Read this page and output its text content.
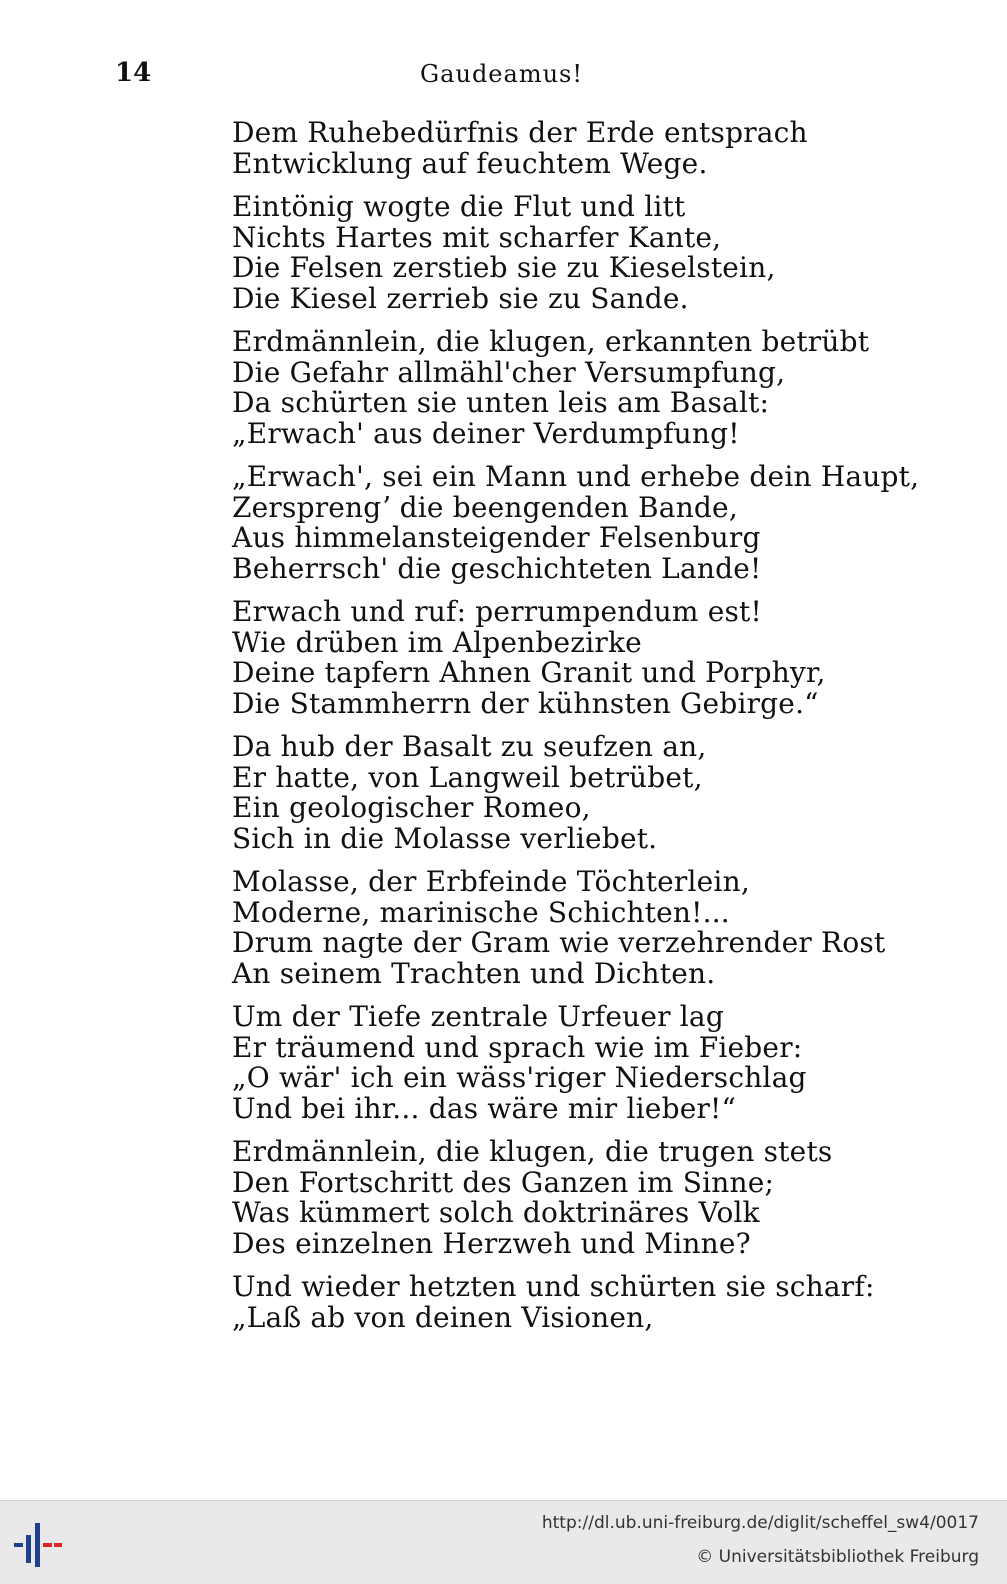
14	Gaudeamus!
Dem Ruhebedürfnis der Erde entsprach
Entwicklung auf feuchtem Wege.
Eintönig wogte die Flut und litt
Nichts Hartes mit scharfer Kante,
Die Felsen zerstieb sie zu Kieselstein,
Die Kiesel zerrieb sie zu Sande.
Erdmännlein, die klugen, erkannten betrübt
Die Gefahr allmähl'cher Versumpfung,
Da schürten sie unten leis am Basalt:
„Erwach' aus deiner Verdumpfung!
„Erwach', sei ein Mann und erhebe dein Haupt,
Zersprengʼ die beengenden Bande,
Aus himmelansteigender Felsenburg
Beherrsch' die geschichteten Lande!
Erwach und ruf: perrumpendum est!
Wie drüben im Alpenbezirke
Deine tapfern Ahnen Granit und Porphyr,
Die Stammherrn der kühnsten Gebirge.“
Da hub der Basalt zu seufzen an,
Er hatte, von Langweil betrübet,
Ein geologischer Romeo,
Sich in die Molasse verliebet.
Molasse, der Erbfeinde Töchterlein,
Moderne, marinische Schichten!...
Drum nagte der Gram wie verzehrender Rost
An seinem Trachten und Dichten.
Um der Tiefe zentrale Urfeuer lag
Er träumend und sprach wie im Fieber:
„O wär' ich ein wäss'riger Niederschlag
Und bei ihr... das wäre mir lieber!“
Erdmännlein, die klugen, die trugen stets
Den Fortschritt des Ganzen im Sinne;
Was kümmert solch doktrinäres Volk
Des einzelnen Herzweh und Minne?
Und wieder hetzten und schürten sie scharf:
„Laß ab von deinen Visionen,
http://dl.ub.uni-freiburg.de/diglit/scheffel_sw4/0017
© Universitätsbibliothek Freiburg
